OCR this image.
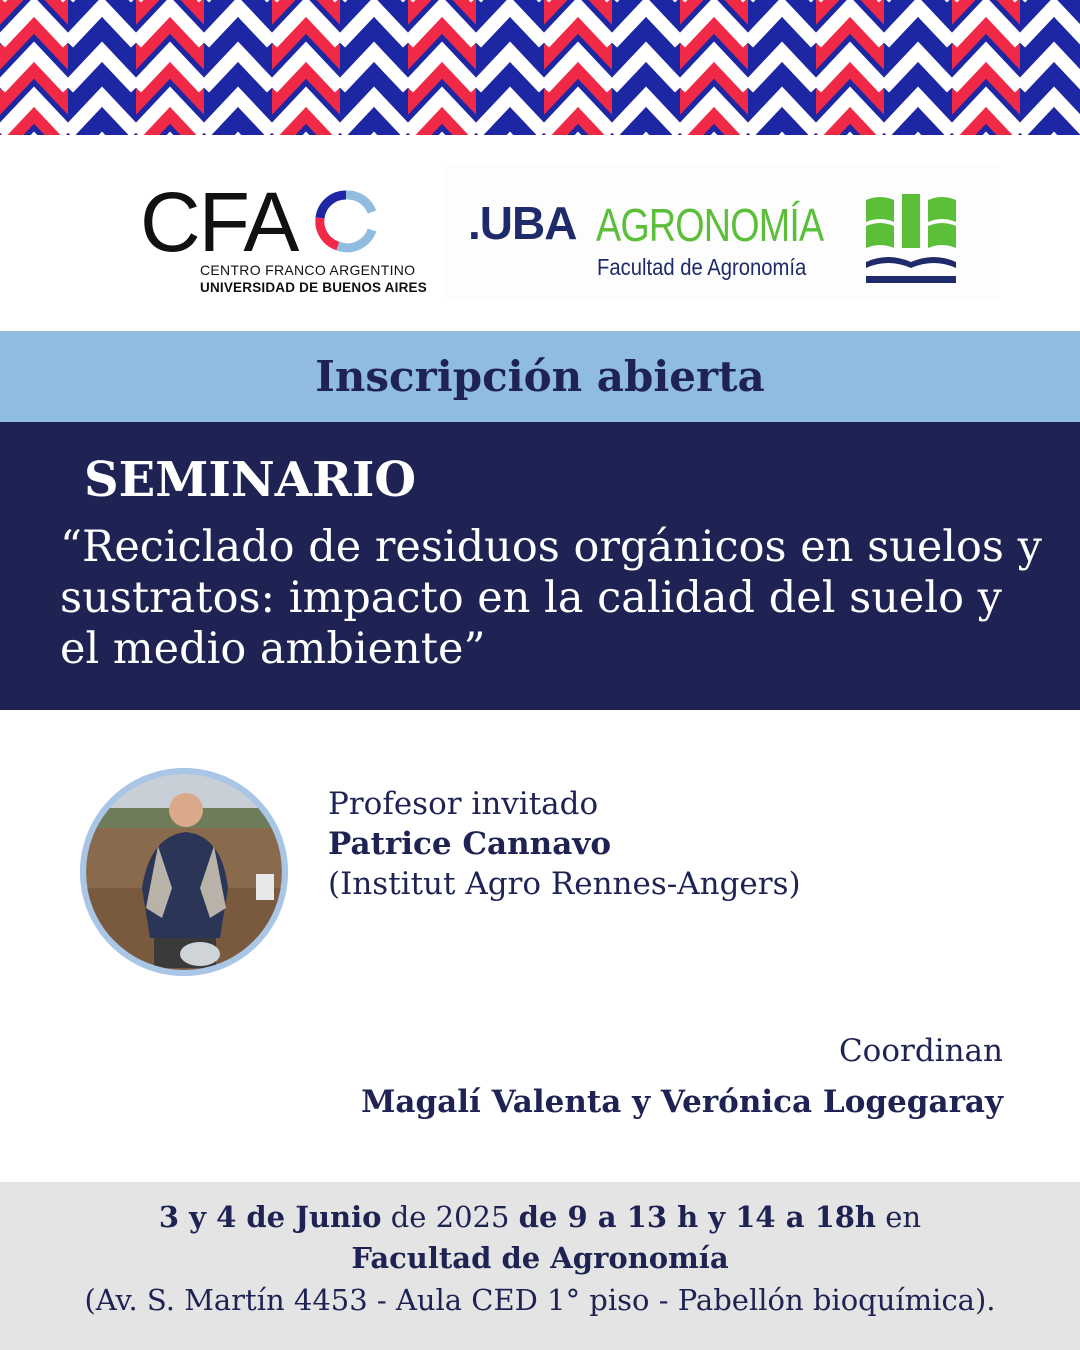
CFA
CENTRO FRANCO ARGENTINO
UNIVERSIDAD DE BUENOS AIRES
.UBA AGRONOMÍA
Facultad de Agronomía
Inscripción abierta
SEMINARIO
“Reciclado de residuos orgánicos en suelos y sustratos: impacto en la calidad del suelo y el medio ambiente”
Profesor invitado
Patrice Cannavo
(Institut Agro Rennes-Angers)
Coordinan
Magalí Valenta y Verónica Logegaray
3 y 4 de Junio de 2025 de 9 a 13 h y 14 a 18h en
Facultad de Agronomía
(Av. S. Martín 4453 - Aula CED 1° piso - Pabellón bioquímica).
